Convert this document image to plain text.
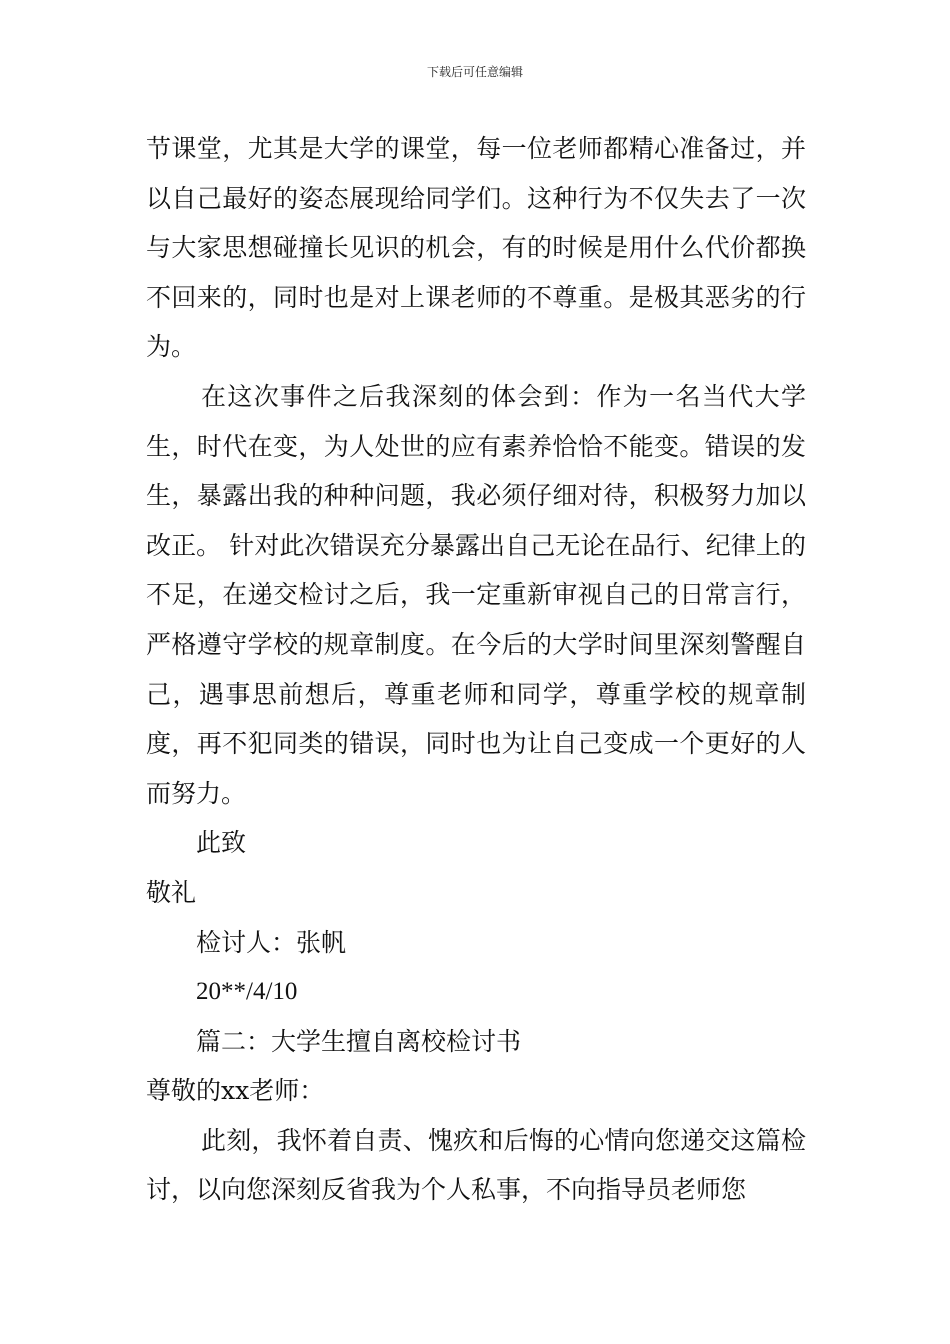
下载后可任意编辑

节课堂，尤其是大学的课堂，每一位老师都精心准备过，并以自己最好的姿态展现给同学们。这种行为不仅失去了一次与大家思想碰撞长见识的机会，有的时候是用什么代价都换不回来的，同时也是对上课老师的不尊重。是极其恶劣的行为。

在这次事件之后我深刻的体会到：作为一名当代大学生，时代在变，为人处世的应有素养恰恰不能变。错误的发生，暴露出我的种种问题，我必须仔细对待，积极努力加以改正。 针对此次错误充分暴露出自己无论在品行、纪律上的不足，在递交检讨之后，我一定重新审视自己的日常言行，严格遵守学校的规章制度。在今后的大学时间里深刻警醒自己，遇事思前想后，尊重老师和同学，尊重学校的规章制度，再不犯同类的错误，同时也为让自己变成一个更好的人而努力。

此致

敬礼

检讨人：张帆

20**/4/10

篇二：大学生擅自离校检讨书

尊敬的xx老师：

此刻，我怀着自责、愧疚和后悔的心情向您递交这篇检讨，以向您深刻反省我为个人私事，不向指导员老师您
